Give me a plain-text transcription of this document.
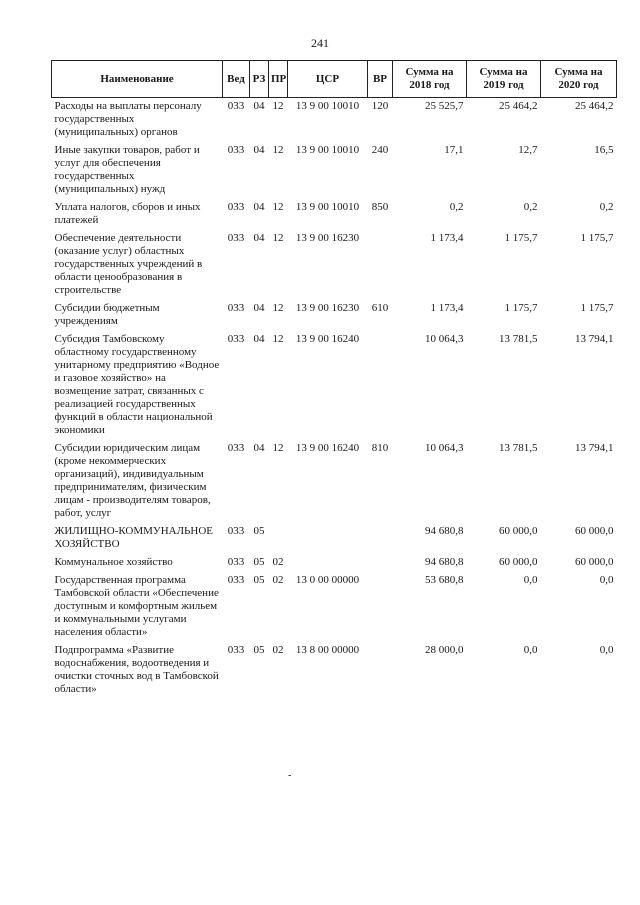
241
Наименование	Вед	РЗ	ПР	ЦСР	ВР	Сумма на 2018 год	Сумма на 2019 год	Сумма на 2020 год
Расходы на выплаты персоналу государственных (муниципальных) органов	033	04	12	13 9 00 10010	120	25 525,7	25 464,2	25 464,2
Иные закупки товаров, работ и услуг для обеспечения государственных (муниципальных) нужд	033	04	12	13 9 00 10010	240	17,1	12,7	16,5
Уплата налогов, сборов и иных платежей	033	04	12	13 9 00 10010	850	0,2	0,2	0,2
Обеспечение деятельности (оказание услуг) областных государственных учреждений в области ценообразования в строительстве	033	04	12	13 9 00 16230		1 173,4	1 175,7	1 175,7
Субсидии бюджетным учреждениям	033	04	12	13 9 00 16230	610	1 173,4	1 175,7	1 175,7
Субсидия Тамбовскому областному государственному унитарному предприятию «Водное и газовое хозяйство» на возмещение затрат, связанных с реализацией государственных функций в области национальной экономики	033	04	12	13 9 00 16240		10 064,3	13 781,5	13 794,1
Субсидии юридическим лицам (кроме некоммерческих организаций), индивидуальным предпринимателям, физическим лицам - производителям товаров, работ, услуг	033	04	12	13 9 00 16240	810	10 064,3	13 781,5	13 794,1
ЖИЛИЩНО-КОММУНАЛЬНОЕ ХОЗЯЙСТВО	033	05				94 680,8	60 000,0	60 000,0
Коммунальное хозяйство	033	05	02			94 680,8	60 000,0	60 000,0
Государственная программа Тамбовской области «Обеспечение доступным и комфортным жильем и коммунальными услугами населения области»	033	05	02	13 0 00 00000		53 680,8	0,0	0,0
Подпрограмма «Развитие водоснабжения, водоотведения и очистки сточных вод в Тамбовской области»	033	05	02	13 8 00 00000		28 000,0	0,0	0,0
-
